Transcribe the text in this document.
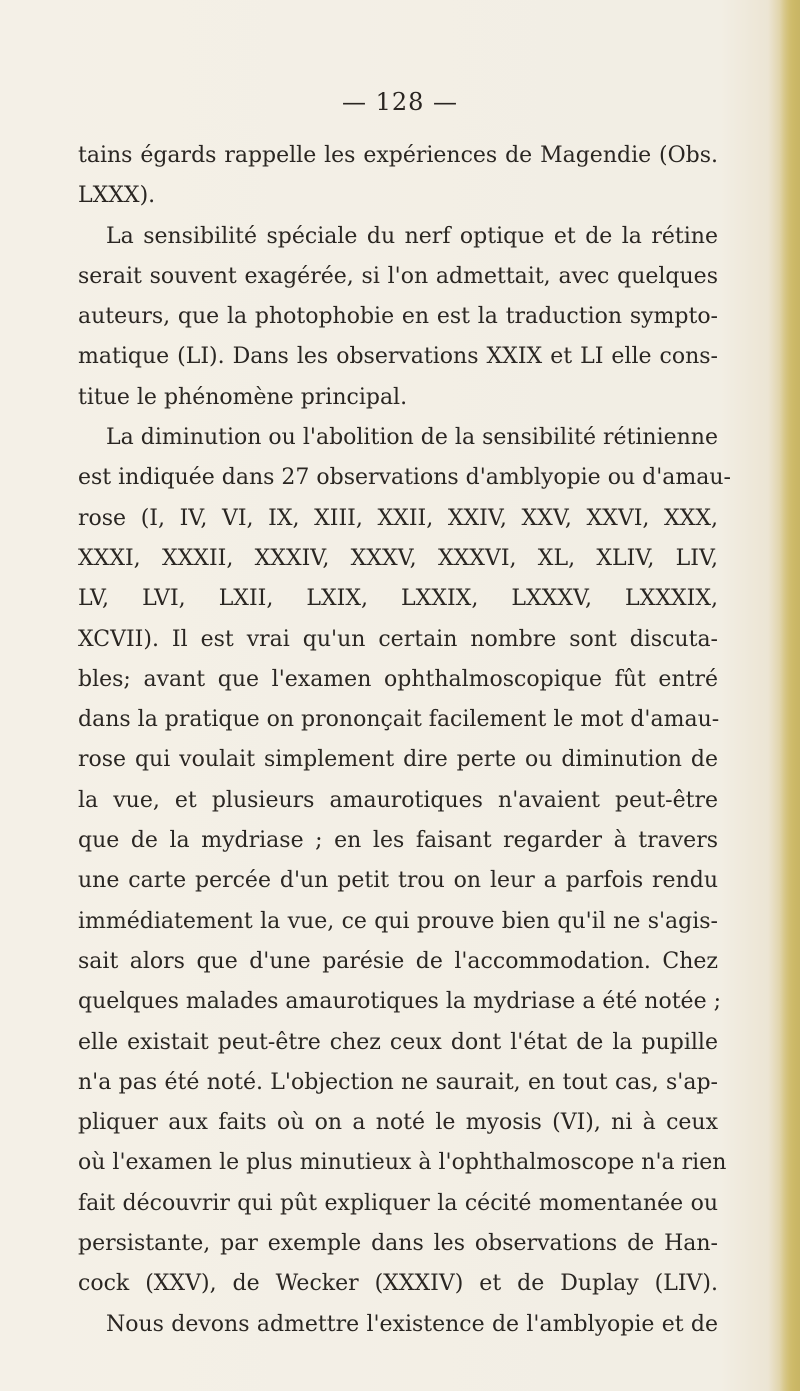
— 128 —
tains égards rappelle les expériences de Magendie (Obs.
LXXX).
La sensibilité spéciale du nerf optique et de la rétine
serait souvent exagérée, si l'on admettait, avec quelques
auteurs, que la photophobie en est la traduction sympto-
matique (LI). Dans les observations XXIX et LI elle cons-
titue le phénomène principal.
La diminution ou l'abolition de la sensibilité rétinienne
est indiquée dans 27 observations d'amblyopie ou d'amau-
rose (I, IV, VI, IX, XIII, XXII, XXIV, XXV, XXVI, XXX,
XXXI, XXXII, XXXIV, XXXV, XXXVI, XL, XLIV, LIV,
LV, LVI, LXII, LXIX, LXXIX, LXXXV, LXXXIX,
XCVII). Il est vrai qu'un certain nombre sont discuta-
bles; avant que l'examen ophthalmoscopique fût entré
dans la pratique on prononçait facilement le mot d'amau-
rose qui voulait simplement dire perte ou diminution de
la vue, et plusieurs amaurotiques n'avaient peut-être
que de la mydriase ; en les faisant regarder à travers
une carte percée d'un petit trou on leur a parfois rendu
immédiatement la vue, ce qui prouve bien qu'il ne s'agis-
sait alors que d'une parésie de l'accommodation. Chez
quelques malades amaurotiques la mydriase a été notée ;
elle existait peut-être chez ceux dont l'état de la pupille
n'a pas été noté. L'objection ne saurait, en tout cas, s'ap-
pliquer aux faits où on a noté le myosis (VI), ni à ceux
où l'examen le plus minutieux à l'ophthalmoscope n'a rien
fait découvrir qui pût expliquer la cécité momentanée ou
persistante, par exemple dans les observations de Han-
cock (XXV), de Wecker (XXXIV) et de Duplay (LIV).
Nous devons admettre l'existence de l'amblyopie et de
